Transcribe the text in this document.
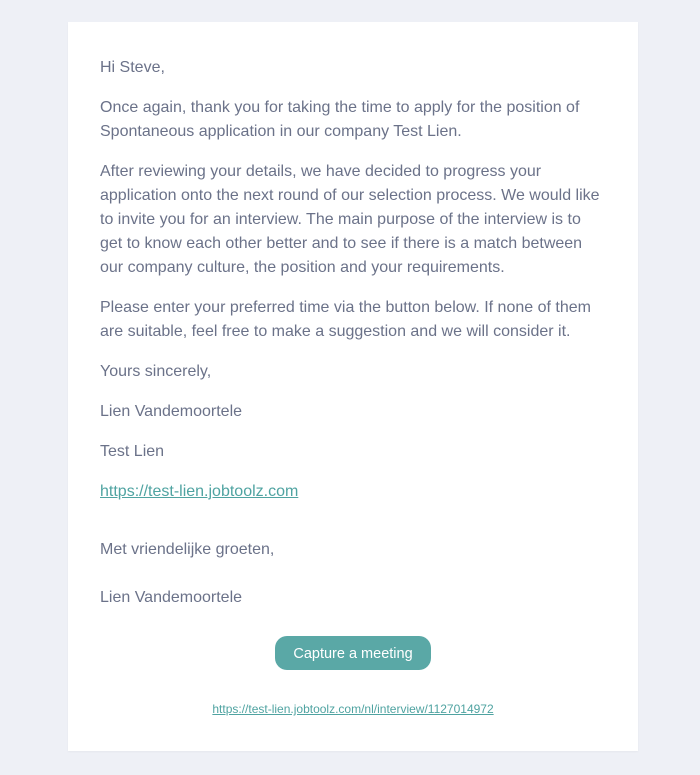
Hi Steve,

Once again, thank you for taking the time to apply for the position of Spontaneous application in our company Test Lien.

After reviewing your details, we have decided to progress your application onto the next round of our selection process. We would like to invite you for an interview. The main purpose of the interview is to get to know each other better and to see if there is a match between our company culture, the position and your requirements.

Please enter your preferred time via the button below. If none of them are suitable, feel free to make a suggestion and we will consider it.

Yours sincerely,

Lien Vandemoortele

Test Lien

https://test-lien.jobtoolz.com

Met vriendelijke groeten,

Lien Vandemoortele

Capture a meeting
https://test-lien.jobtoolz.com/nl/interview/1127014972
